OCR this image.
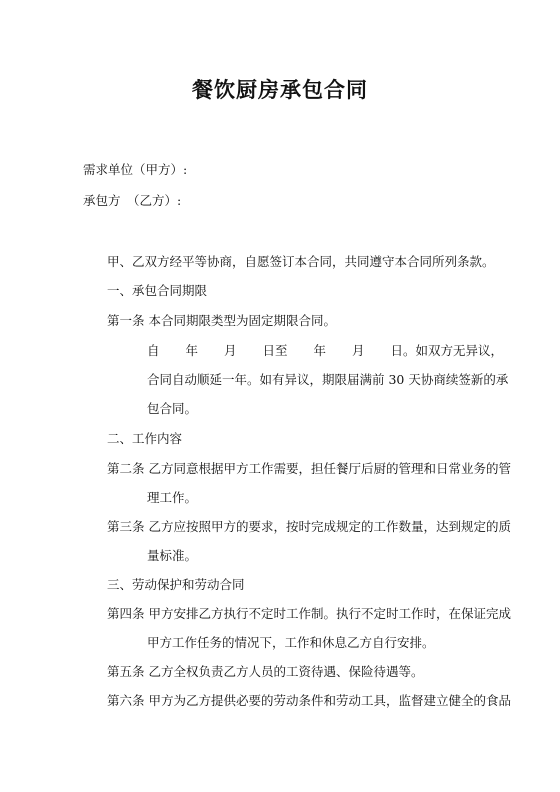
餐饮厨房承包合同
需求单位（甲方）:
承包方 （乙方）:
甲、乙双方经平等协商，自愿签订本合同，共同遵守本合同所列条款。
一、承包合同期限
第一条 本合同期限类型为固定期限合同。
自 年 月 日至 年 月 日。如双方无异议，
合同自动顺延一年。如有异议，期限届满前 30 天协商续签新的承
包合同。
二、工作内容
第二条 乙方同意根据甲方工作需要，担任餐厅后厨的管理和日常业务的管
理工作。
第三条 乙方应按照甲方的要求，按时完成规定的工作数量，达到规定的质
量标准。
三、劳动保护和劳动合同
第四条 甲方安排乙方执行不定时工作制。执行不定时工作时，在保证完成
甲方工作任务的情况下，工作和休息乙方自行安排。
第五条 乙方全权负责乙方人员的工资待遇、保险待遇等。
第六条 甲方为乙方提供必要的劳动条件和劳动工具，监督建立健全的食品
